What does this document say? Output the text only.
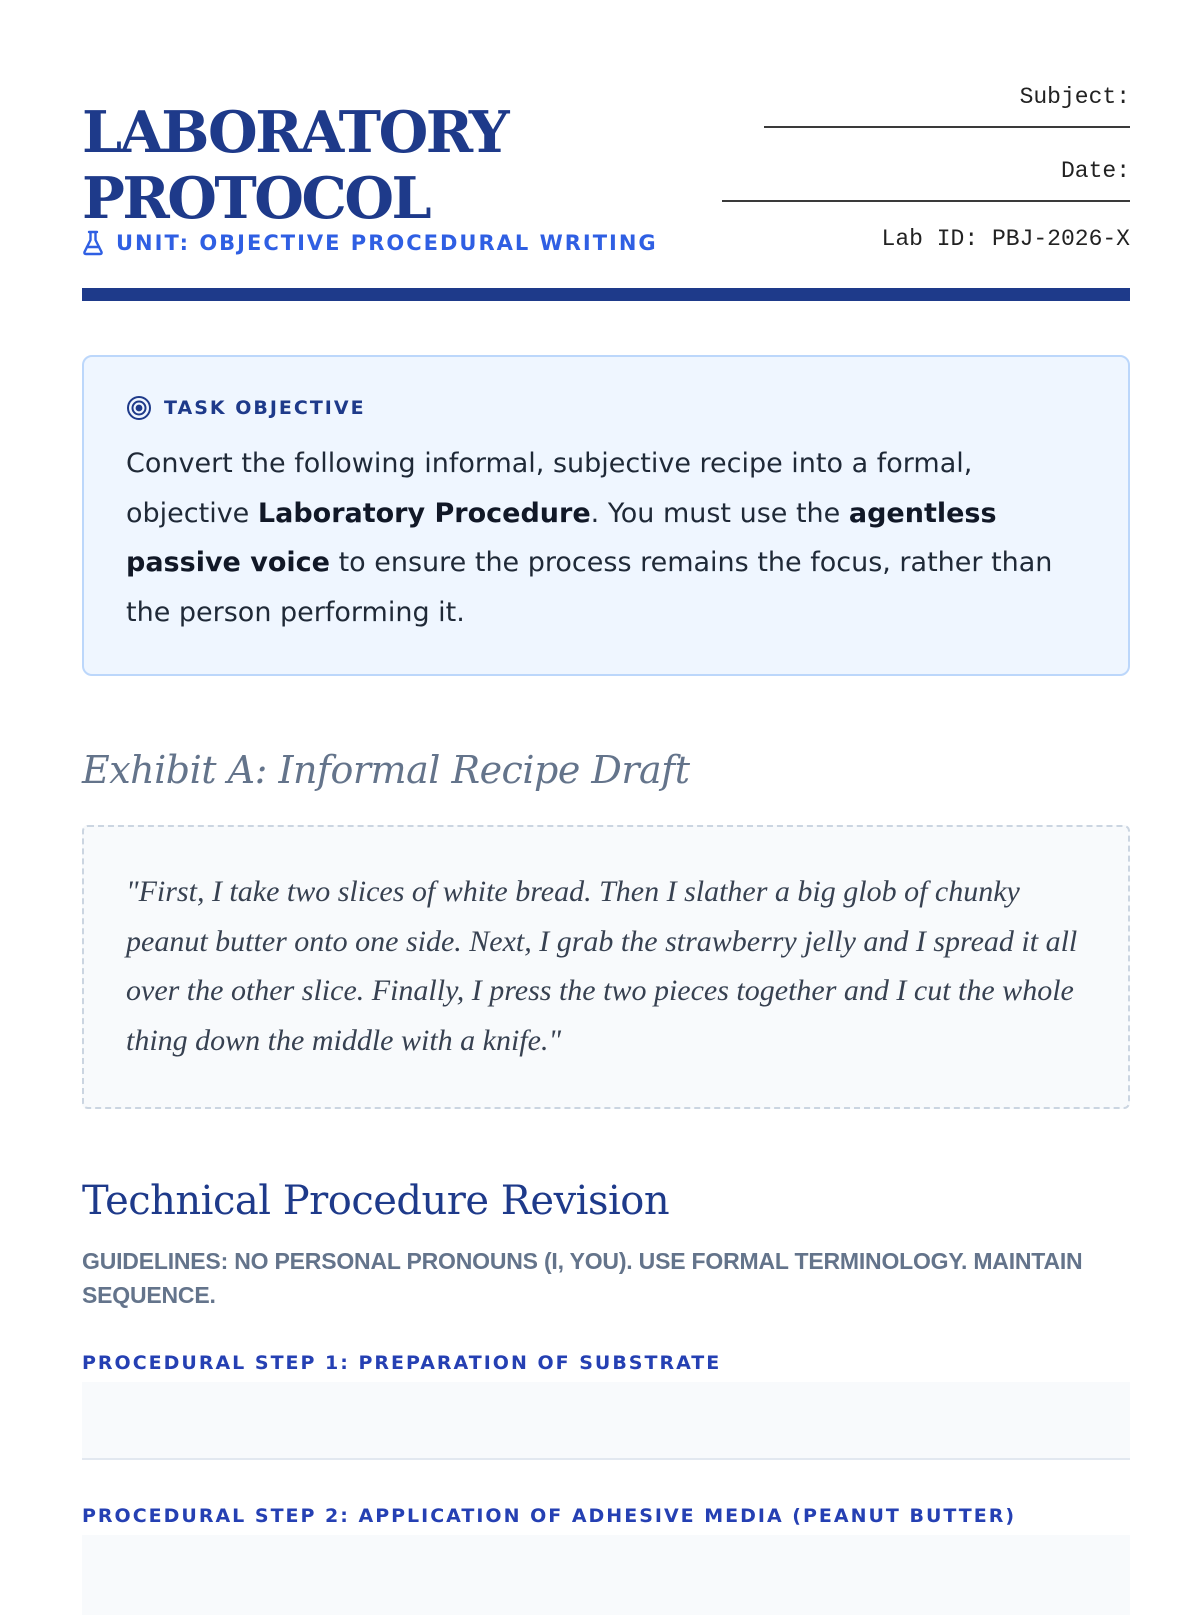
LABORATORY
PROTOCOL
UNIT: OBJECTIVE PROCEDURAL WRITING
Subject:
Date:
Lab ID: PBJ-2026-X
TASK OBJECTIVE

Convert the following informal, subjective recipe into a formal, objective Laboratory Procedure. You must use the agentless passive voice to ensure the process remains the focus, rather than the person performing it.

Exhibit A: Informal Recipe Draft

"First, I take two slices of white bread. Then I slather a big glob of chunky peanut butter onto one side. Next, I grab the strawberry jelly and I spread it all over the other slice. Finally, I press the two pieces together and I cut the whole thing down the middle with a knife."

Technical Procedure Revision

GUIDELINES: NO PERSONAL PRONOUNS (I, YOU). USE FORMAL TERMINOLOGY. MAINTAIN SEQUENCE.

PROCEDURAL STEP 1: PREPARATION OF SUBSTRATE

PROCEDURAL STEP 2: APPLICATION OF ADHESIVE MEDIA (PEANUT BUTTER)
